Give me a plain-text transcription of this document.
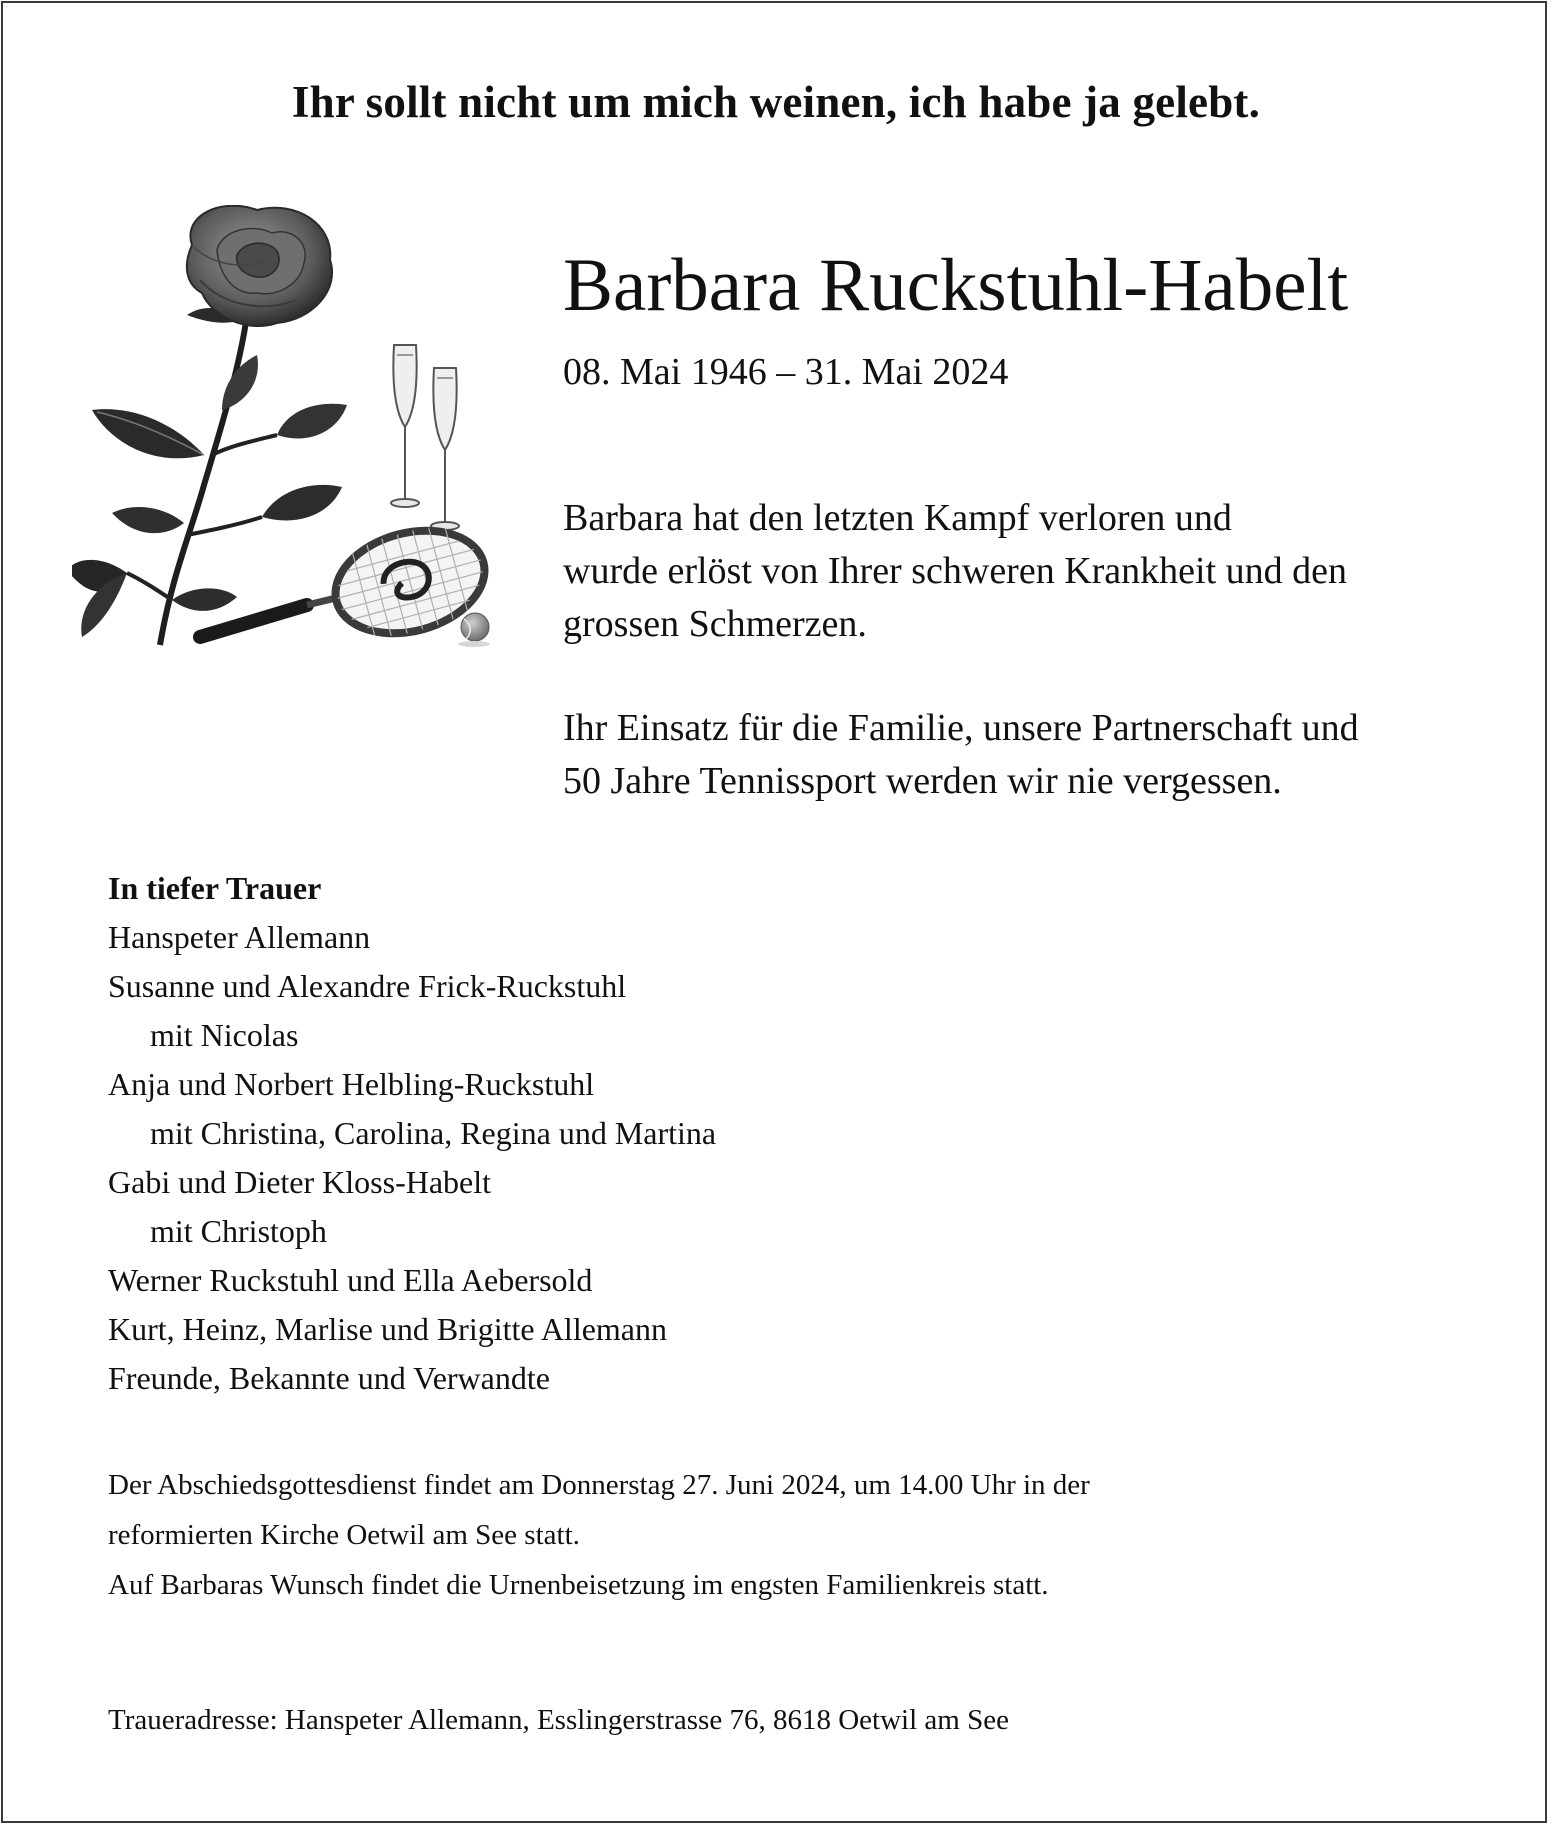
Ihr sollt nicht um mich weinen, ich habe ja gelebt.
Barbara Ruckstuhl-Habelt
08. Mai 1946 – 31. Mai 2024
Barbara hat den letzten Kampf verloren und
wurde erlöst von Ihrer schweren Krankheit und den
grossen Schmerzen.
Ihr Einsatz für die Familie, unsere Partnerschaft und
50 Jahre Tennissport werden wir nie vergessen.
In tiefer Trauer
Hanspeter Allemann
Susanne und Alexandre Frick-Ruckstuhl
mit Nicolas
Anja und Norbert Helbling-Ruckstuhl
mit Christina, Carolina, Regina und Martina
Gabi und Dieter Kloss-Habelt
mit Christoph
Werner Ruckstuhl und Ella Aebersold
Kurt, Heinz, Marlise und Brigitte Allemann
Freunde, Bekannte und Verwandte
Der Abschiedsgottesdienst findet am Donnerstag 27. Juni 2024, um 14.00 Uhr in der
reformierten Kirche Oetwil am See statt.
Auf Barbaras Wunsch findet die Urnenbeisetzung im engsten Familienkreis statt.
Traueradresse: Hanspeter Allemann, Esslingerstrasse 76, 8618 Oetwil am See
